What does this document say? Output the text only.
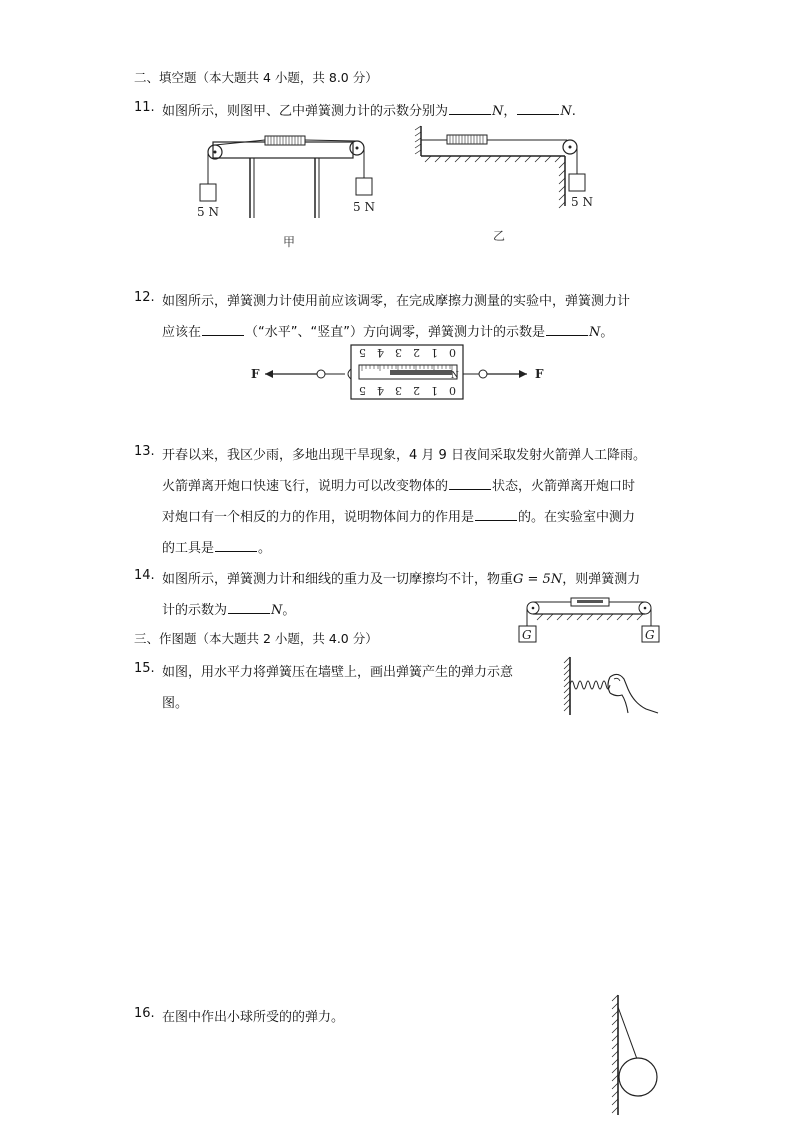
二、填空题（本大题共 4 小题，共 8.0 分）
11. 如图所示，则图甲、乙中弹簧测力计的示数分别为	N，	N.
5 N	5 N
甲
5 N
乙
12. 如图所示，弹簧测力计使用前应该调零，在完成摩擦力测量的实验中，弹簧测力计
应该在	（“水平”、“竖直”）方向调零，弹簧测力计的示数是	N。
F
5 4 3 2 1 0
N
5 4 3 2 1 0
F
13. 开春以来，我区少雨，多地出现干旱现象，4 月 9 日夜间采取发射火箭弹人工降雨。
火箭弹离开炮口快速飞行，说明力可以改变物体的	状态，火箭弹离开炮口时
对炮口有一个相反的力的作用，说明物体间力的作用是	的。在实验室中测力
的工具是	。
14. 如图所示，弹簧测力计和细线的重力及一切摩擦均不计，物重G = 5N，则弹簧测力
计的示数为	N。
G	G
三、作图题（本大题共 2 小题，共 4.0 分）
15. 如图，用水平力将弹簧压在墙壁上，画出弹簧产生的弹力示意
图。
16. 在图中作出小球所受的的弹力。
